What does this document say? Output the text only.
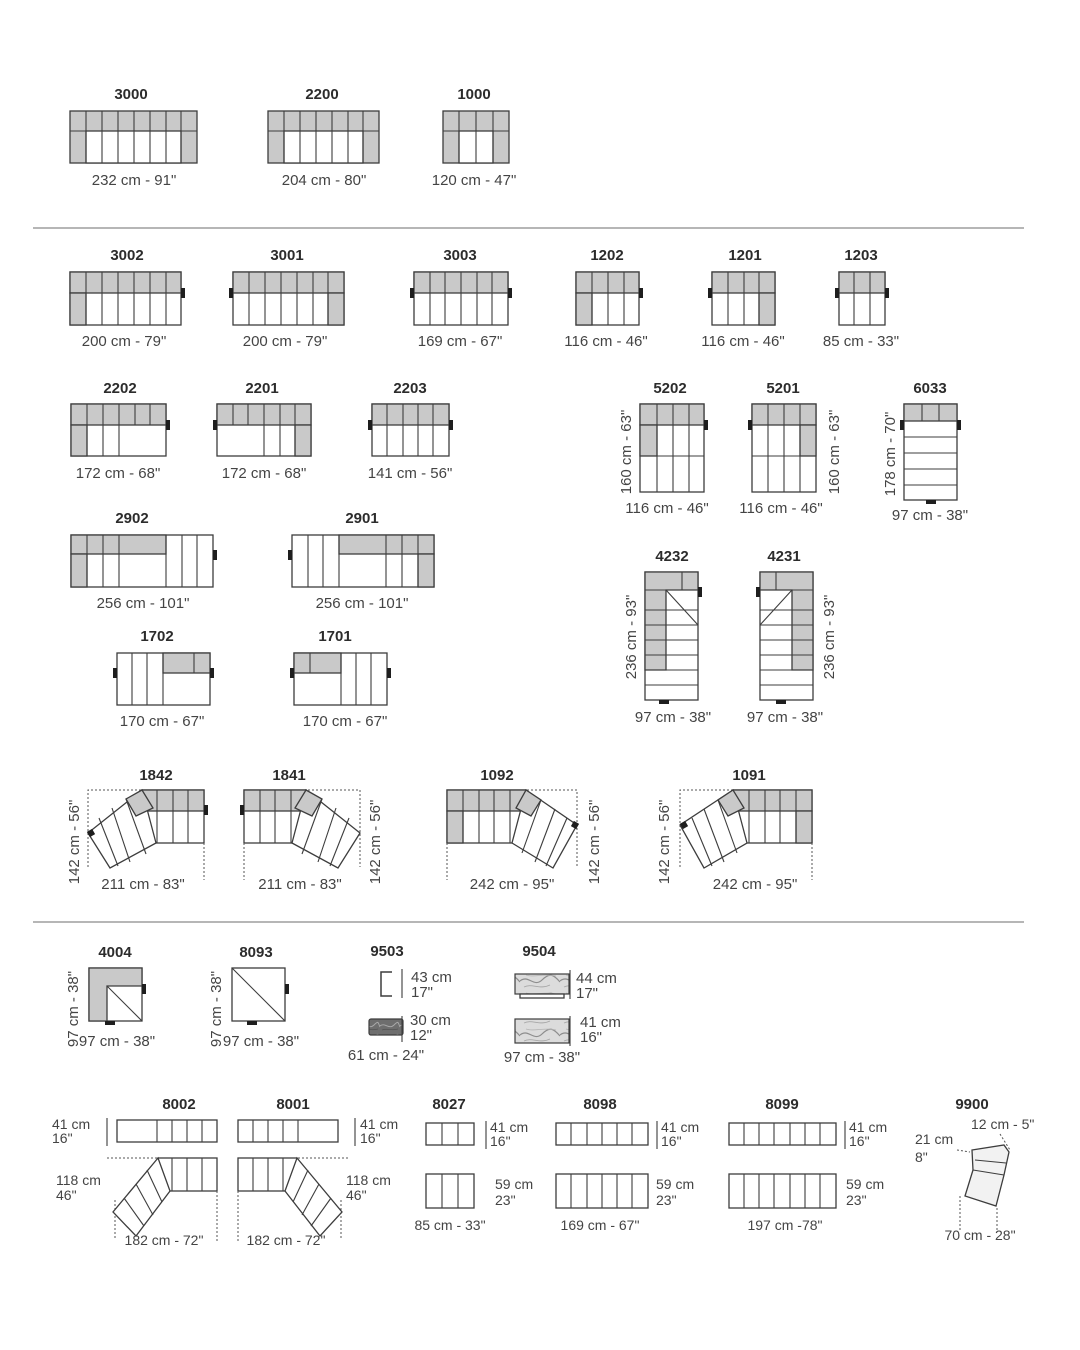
3000
232 cm - 91"
2200
204 cm - 80"
1000
120 cm - 47"
3002
200 cm - 79"
3001
200 cm - 79"
3003
169 cm - 67"
1202
116 cm - 46"
1201
116 cm - 46"
1203
85 cm - 33"
2202
172 cm - 68"
2201
172 cm - 68"
2203
141 cm - 56"
5202
160 cm - 63"
116 cm - 46"
5201
160 cm - 63"
116 cm - 46"
6033
178 cm - 70"
97 cm - 38"
2902
256 cm - 101"
2901
256 cm - 101"
4232
236 cm - 93"
97 cm - 38"
4231
236 cm - 93"
97 cm - 38"
1702
170 cm - 67"
1701
170 cm - 67"
1842
142 cm - 56"
211 cm - 83"
1841
142 cm - 56"
211 cm - 83"
1092
142 cm - 56"
242 cm - 95"
1091
142 cm - 56"
242 cm - 95"
4004
97 cm - 38"
97 cm - 38"
8093
97 cm - 38"
97 cm - 38"
9503
43 cm
17"
30 cm
12"
61 cm - 24"
9504
44 cm
17"
41 cm
16"
97 cm - 38"
8002
41 cm
16"
118 cm
46"
182 cm - 72"
8001
41 cm
16"
118 cm
46"
182 cm - 72"
8027
41 cm
16"
59 cm
23"
85 cm - 33"
8098
41 cm
16"
59 cm
23"
169 cm - 67"
8099
41 cm
16"
59 cm
23"
197 cm -78"
9900
12 cm - 5"
21 cm
8"
70 cm - 28"
